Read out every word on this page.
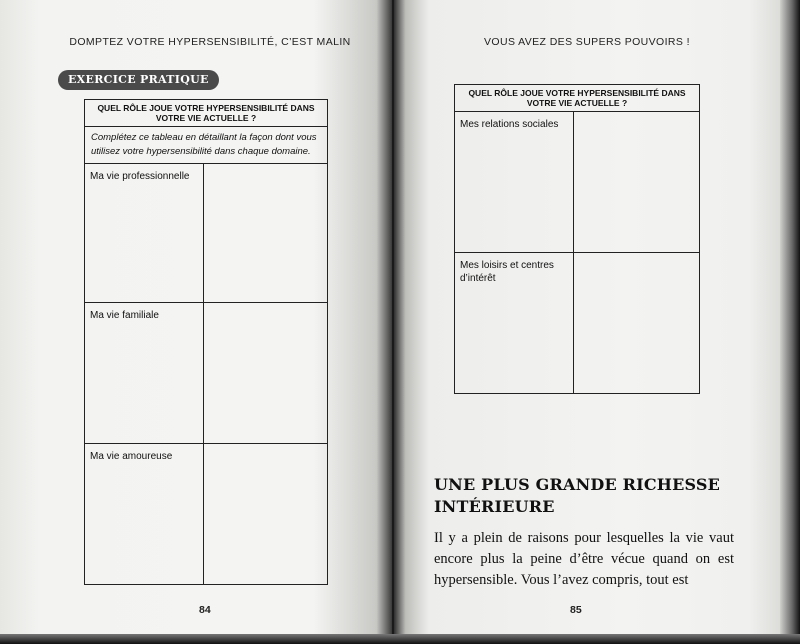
DOMPTEZ VOTRE HYPERSENSIBILITÉ, C’EST MALIN
EXERCICE PRATIQUE
QUEL RÔLE JOUE VOTRE HYPERSENSIBILITÉ DANS VOTRE VIE ACTUELLE ?	
Complétez ce tableau en détaillant la façon dont vous utilisez votre hypersensibilité dans chaque domaine.	
Ma vie professionnelle	
Ma vie familiale	
Ma vie amoureuse	
84
VOUS AVEZ DES SUPERS POUVOIRS !
QUEL RÔLE JOUE VOTRE HYPERSENSIBILITÉ DANS VOTRE VIE ACTUELLE ?	
Mes relations sociales	
Mes loisirs et centres d’intérêt	
UNE PLUS GRANDE RICHESSE INTÉRIEURE

Il y a plein de raisons pour lesquelles la vie vaut encore plus la peine d’être vécue quand on est hypersensible. Vous l’avez compris, tout est

85
